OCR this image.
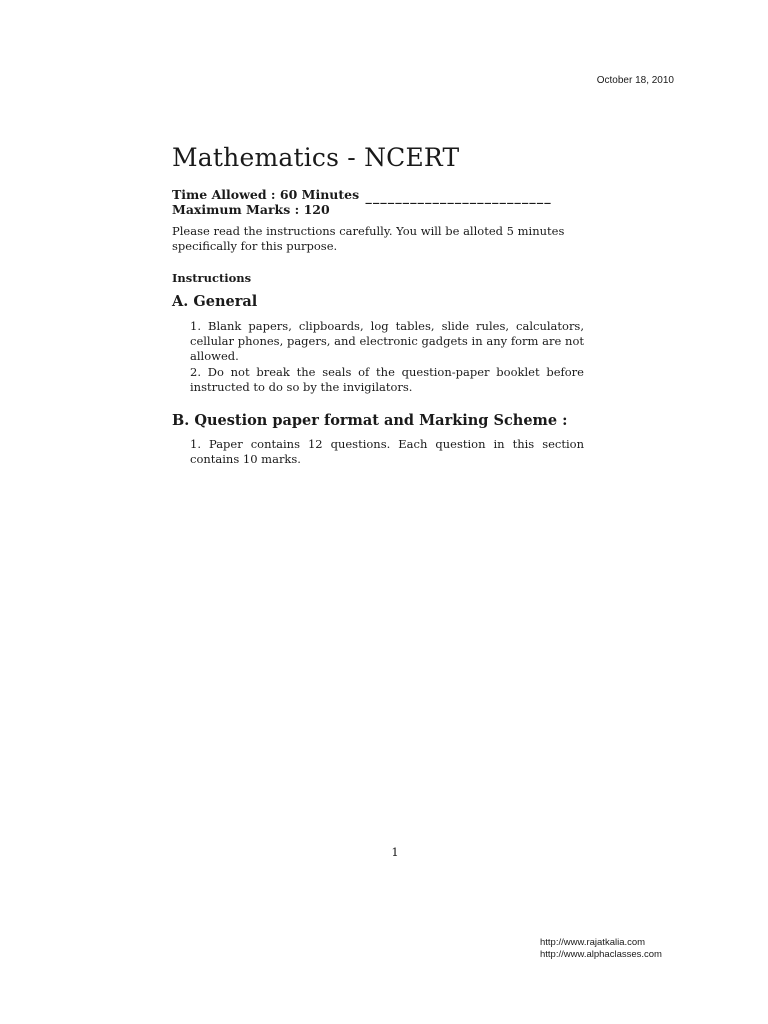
October 18, 2010
Mathematics - NCERT
Time Allowed : 60 Minutes _________________________
Maximum Marks : 120

Please read the instructions carefully. You will be alloted 5 minutes specifically for this purpose.

Instructions

A. General

1. Blank papers, clipboards, log tables, slide rules, calculators, cellular phones, pagers, and electronic gadgets in any form are not allowed.

2. Do not break the seals of the question-paper booklet before instructed to do so by the invigilators.

B. Question paper format and Marking Scheme :

1. Paper contains 12 questions. Each question in this section contains 10 marks.

1
http://www.rajatkalia.com
http://www.alphaclasses.com
